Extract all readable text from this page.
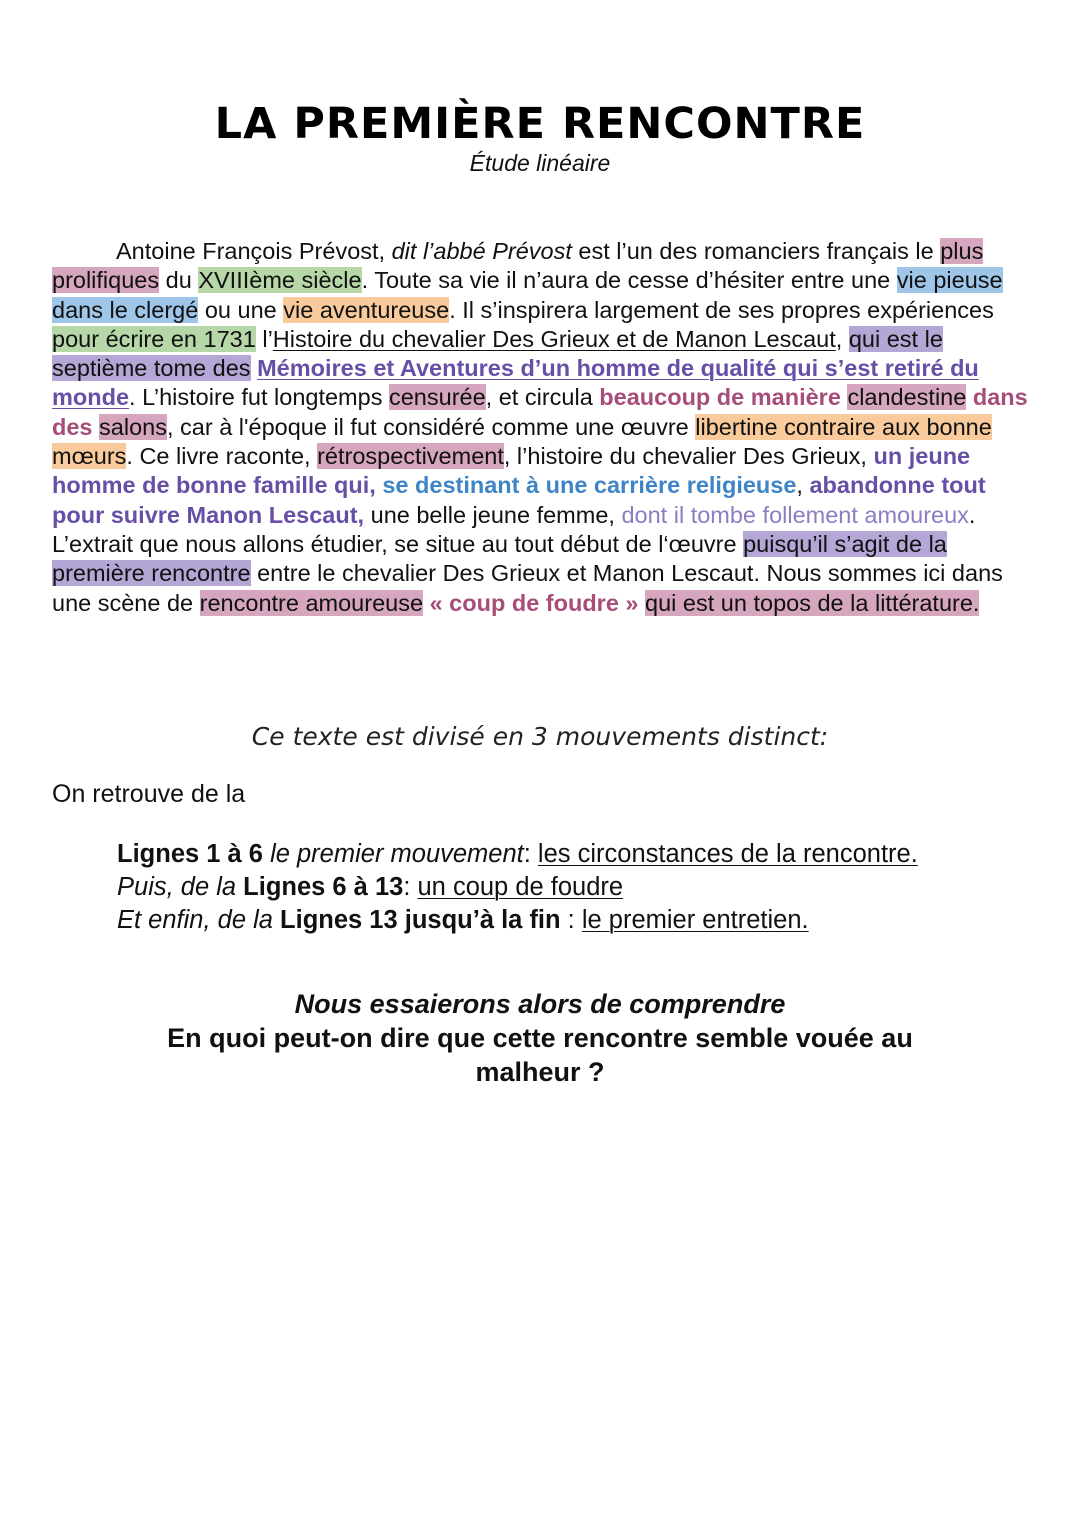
LA PREMIÈRE RENCONTRE
Étude linéaire

Antoine François Prévost, dit l’abbé Prévost est l’un des romanciers français le plus prolifiques du XVIIIème siècle. Toute sa vie il n’aura de cesse d’hésiter entre une vie pieuse dans le clergé ou une vie aventureuse. Il s’inspirera largement de ses propres expériences pour écrire en 1731 l’Histoire du chevalier Des Grieux et de Manon Lescaut, qui est le septième tome des Mémoires et Aventures d’un homme de qualité qui s’est retiré du monde. L’histoire fut longtemps censurée, et circula beaucoup de manière clandestine dans des salons, car à l'époque il fut considéré comme une œuvre libertine contraire aux bonne mœurs. Ce livre raconte, rétrospectivement, l’histoire du chevalier Des Grieux, un jeune homme de bonne famille qui, se destinant à une carrière religieuse, abandonne tout pour suivre Manon Lescaut, une belle jeune femme, dont il tombe follement amoureux. L’extrait que nous allons étudier, se situe au tout début de l‘œuvre puisqu’il s’agit de la première rencontre entre le chevalier Des Grieux et Manon Lescaut. Nous sommes ici dans une scène de rencontre amoureuse « coup de foudre » qui est un topos de la littérature.

Ce texte est divisé en 3 mouvements distinct:
On retrouve de la
Lignes 1 à 6 le premier mouvement: les circonstances de la rencontre.
Puis, de la Lignes 6 à 13: un coup de foudre
Et enfin, de la Lignes 13 jusqu’à la fin : le premier entretien.
Nous essaierons alors de comprendre
En quoi peut-on dire que cette rencontre semble vouée au malheur ?
